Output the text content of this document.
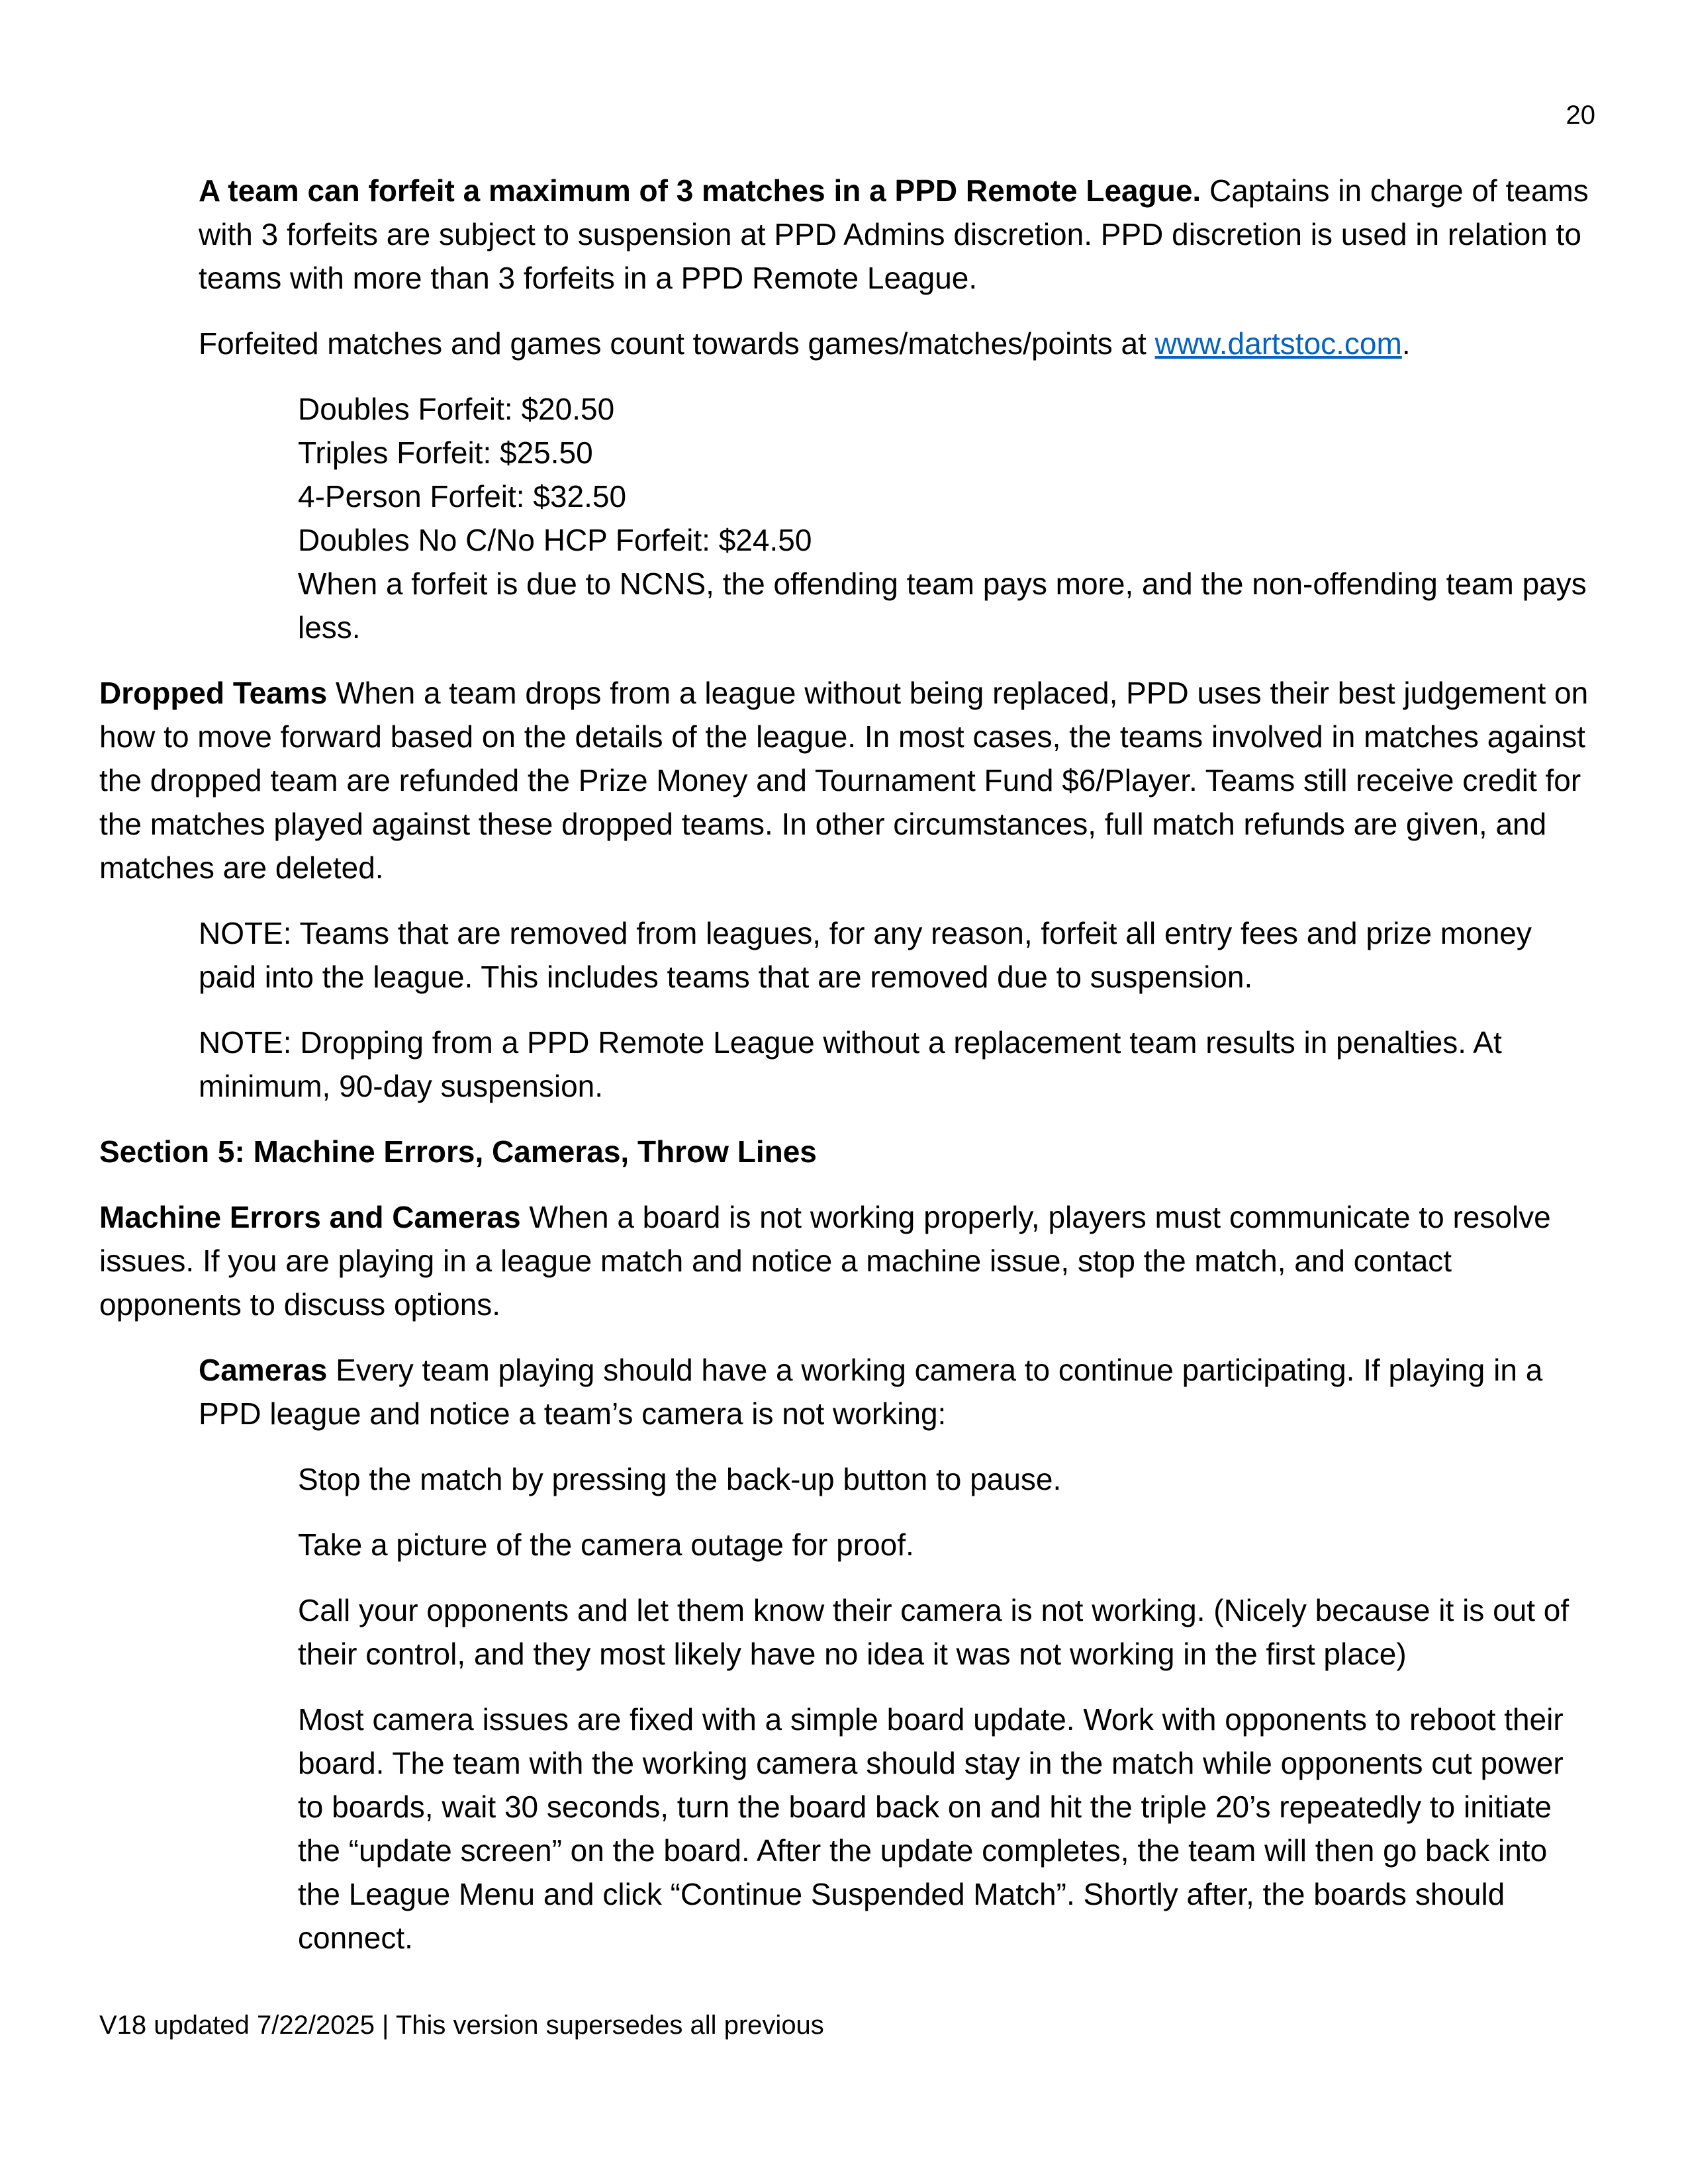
20

A team can forfeit a maximum of 3 matches in a PPD Remote League. Captains in charge of teams with 3 forfeits are subject to suspension at PPD Admins discretion. PPD discretion is used in relation to teams with more than 3 forfeits in a PPD Remote League.

Forfeited matches and games count towards games/matches/points at www.dartstoc.com.

Doubles Forfeit: $20.50
Triples Forfeit: $25.50
4-Person Forfeit: $32.50
Doubles No C/No HCP Forfeit: $24.50
When a forfeit is due to NCNS, the offending team pays more, and the non-offending team pays less.

Dropped Teams When a team drops from a league without being replaced, PPD uses their best judgement on how to move forward based on the details of the league. In most cases, the teams involved in matches against the dropped team are refunded the Prize Money and Tournament Fund $6/Player. Teams still receive credit for the matches played against these dropped teams. In other circumstances, full match refunds are given, and matches are deleted.

NOTE: Teams that are removed from leagues, for any reason, forfeit all entry fees and prize money paid into the league. This includes teams that are removed due to suspension.

NOTE: Dropping from a PPD Remote League without a replacement team results in penalties. At minimum, 90-day suspension.

Section 5: Machine Errors, Cameras, Throw Lines

Machine Errors and Cameras When a board is not working properly, players must communicate to resolve issues. If you are playing in a league match and notice a machine issue, stop the match, and contact opponents to discuss options.

Cameras Every team playing should have a working camera to continue participating. If playing in a PPD league and notice a team’s camera is not working:

Stop the match by pressing the back-up button to pause.

Take a picture of the camera outage for proof.

Call your opponents and let them know their camera is not working. (Nicely because it is out of their control, and they most likely have no idea it was not working in the first place)

Most camera issues are fixed with a simple board update. Work with opponents to reboot their board. The team with the working camera should stay in the match while opponents cut power to boards, wait 30 seconds, turn the board back on and hit the triple 20’s repeatedly to initiate the “update screen” on the board. After the update completes, the team will then go back into the League Menu and click “Continue Suspended Match”. Shortly after, the boards should connect.

V18 updated 7/22/2025 | This version supersedes all previous
